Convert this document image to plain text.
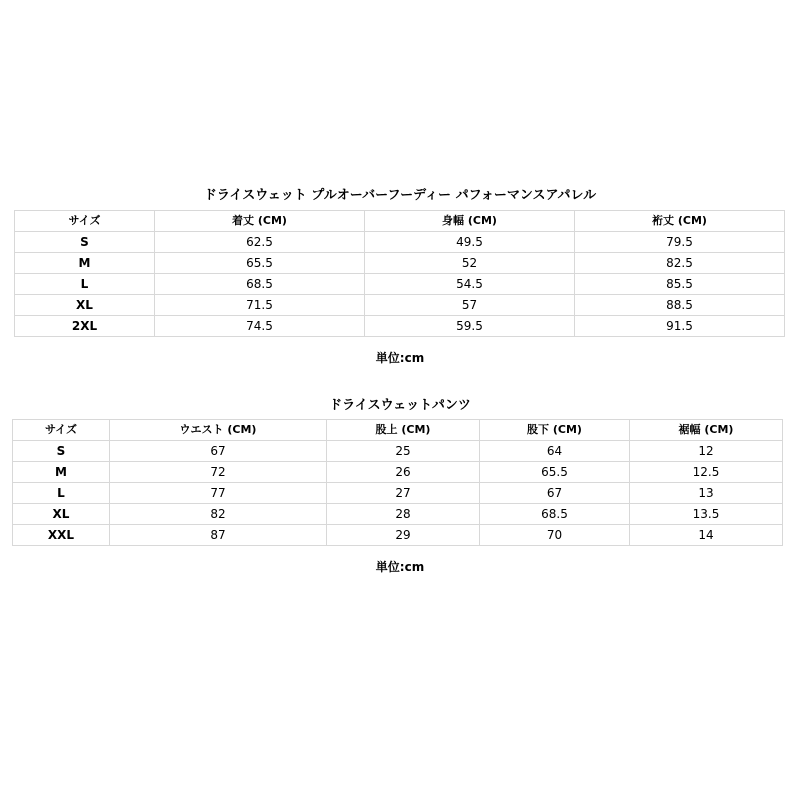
ドライスウェット プルオーバーフーディー パフォーマンスアパレル
サイズ	着丈 (CM)	身幅 (CM)	裄丈 (CM)
S	62.5	49.5	79.5
M	65.5	52	82.5
L	68.5	54.5	85.5
XL	71.5	57	88.5
2XL	74.5	59.5	91.5
単位:cm
ドライスウェットパンツ
サイズ	ウエスト (CM)	股上 (CM)	股下 (CM)	裾幅 (CM)
S	67	25	64	12
M	72	26	65.5	12.5
L	77	27	67	13
XL	82	28	68.5	13.5
XXL	87	29	70	14
単位:cm
